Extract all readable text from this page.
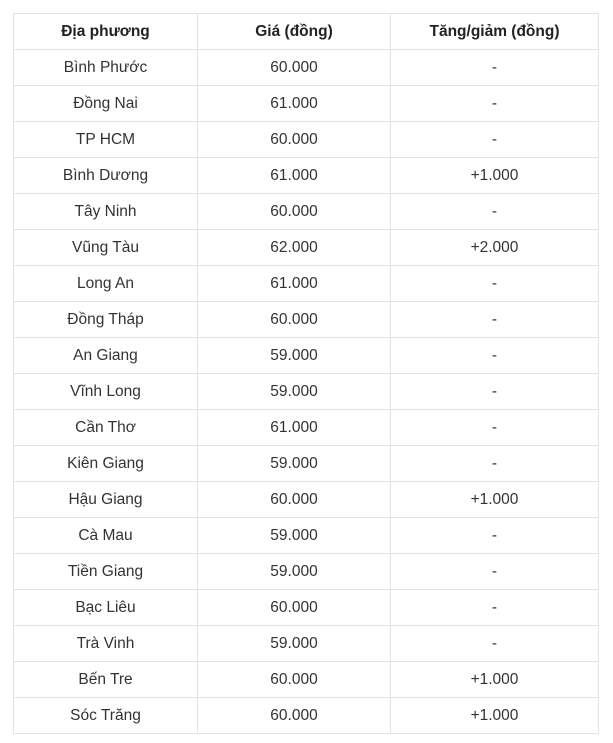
Địa phương	Giá (đồng)	Tăng/giảm (đồng)
Bình Phước	60.000	-
Đồng Nai	61.000	-
TP HCM	60.000	-
Bình Dương	61.000	+1.000
Tây Ninh	60.000	-
Vũng Tàu	62.000	+2.000
Long An	61.000	-
Đồng Tháp	60.000	-
An Giang	59.000	-
Vĩnh Long	59.000	-
Cần Thơ	61.000	-
Kiên Giang	59.000	-
Hậu Giang	60.000	+1.000
Cà Mau	59.000	-
Tiền Giang	59.000	-
Bạc Liêu	60.000	-
Trà Vinh	59.000	-
Bến Tre	60.000	+1.000
Sóc Trăng	60.000	+1.000
